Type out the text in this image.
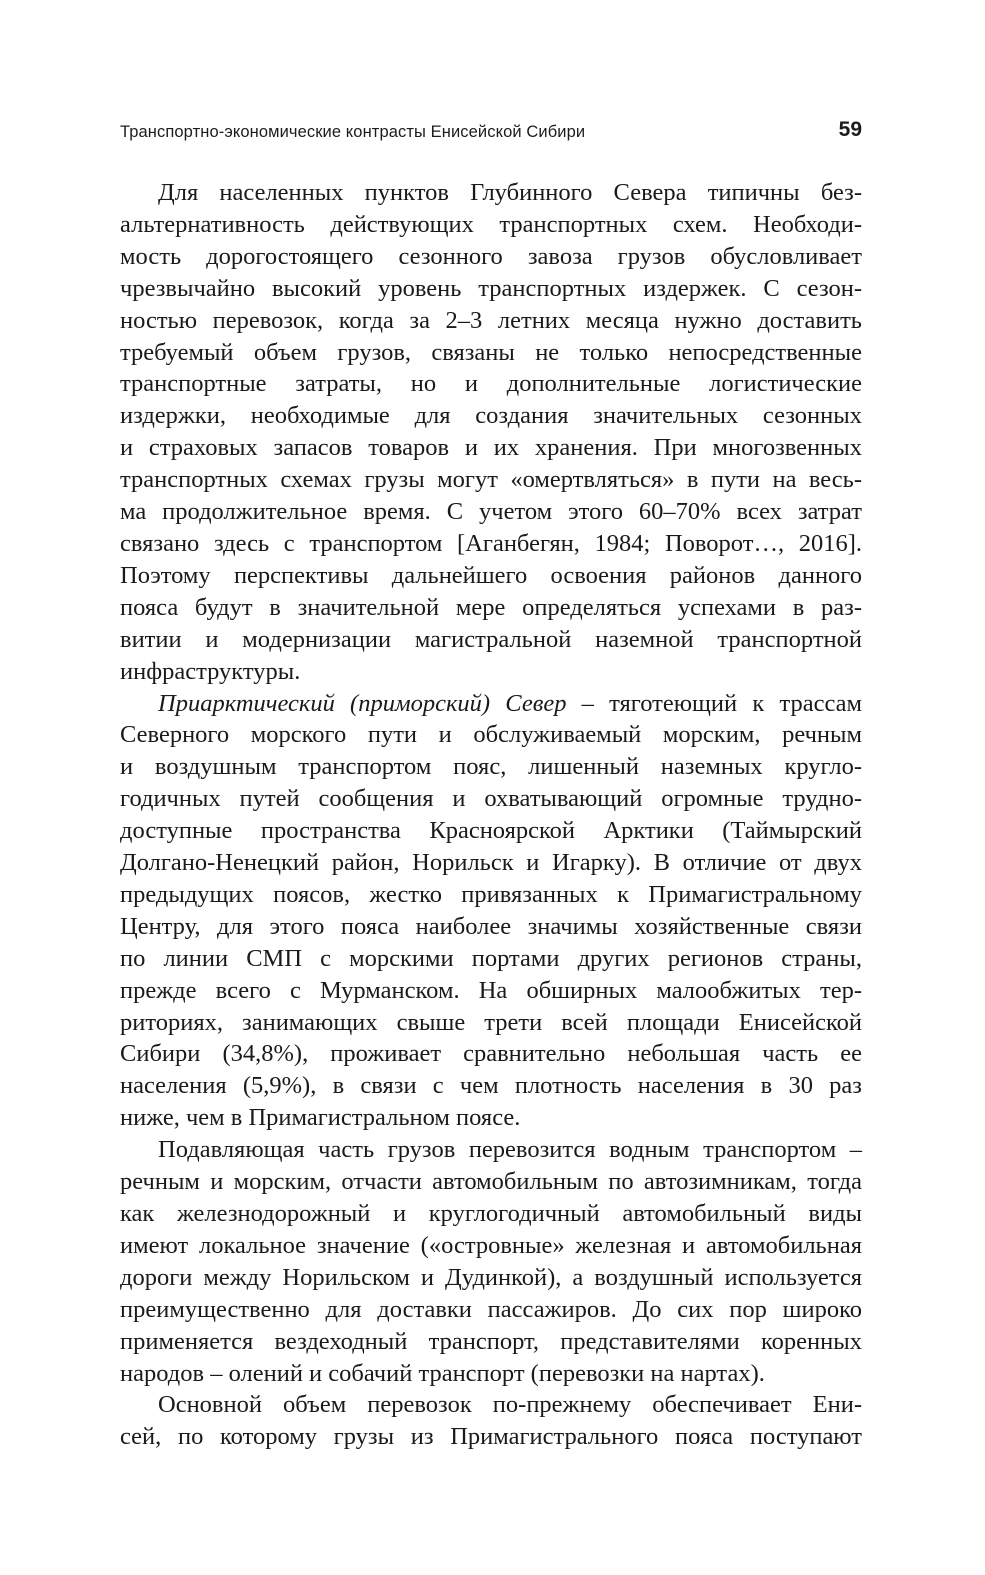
Транспортно-экономические контрасты Енисейской Сибири	59
Для населенных пунктов Глубинного Севера типичны без-
альтернативность действующих транспортных схем. Необходи-
мость дорогостоящего сезонного завоза грузов обусловливает
чрезвычайно высокий уровень транспортных издержек. С сезон-
ностью перевозок, когда за 2–3 летних месяца нужно доставить
требуемый объем грузов, связаны не только непосредственные
транспортные затраты, но и дополнительные логистические
издержки, необходимые для создания значительных сезонных
и страховых запасов товаров и их хранения. При многозвенных
транспортных схемах грузы могут «омертвляться» в пути на весь-
ма продолжительное время. С учетом этого 60–70% всех затрат
связано здесь с транспортом [Аганбегян, 1984; Поворот…, 2016].
Поэтому перспективы дальнейшего освоения районов данного
пояса будут в значительной мере определяться успехами в раз-
витии и модернизации магистральной наземной транспортной
инфраструктуры.
Приарктический (приморский) Север – тяготеющий к трассам
Северного морского пути и обслуживаемый морским, речным
и воздушным транспортом пояс, лишенный наземных кругло-
годичных путей сообщения и охватывающий огромные трудно-
доступные пространства Красноярской Арктики (Таймырский
Долгано-Ненецкий район, Норильск и Игарку). В отличие от двух
предыдущих поясов, жестко привязанных к Примагистральному
Центру, для этого пояса наиболее значимы хозяйственные связи
по линии СМП с морскими портами других регионов страны,
прежде всего с Мурманском. На обширных малообжитых тер-
риториях, занимающих свыше трети всей площади Енисейской
Сибири (34,8%), проживает сравнительно небольшая часть ее
населения (5,9%), в связи с чем плотность населения в 30 раз
ниже, чем в Примагистральном поясе.
Подавляющая часть грузов перевозится водным транспортом –
речным и морским, отчасти автомобильным по автозимникам, тогда
как железнодорожный и круглогодичный автомобильный виды
имеют локальное значение («островные» железная и автомобильная
дороги между Норильском и Дудинкой), а воздушный используется
преимущественно для доставки пассажиров. До сих пор широко
применяется вездеходный транспорт, представителями коренных
народов – олений и собачий транспорт (перевозки на нартах).
Основной объем перевозок по-прежнему обеспечивает Ени-
сей, по которому грузы из Примагистрального пояса поступают
